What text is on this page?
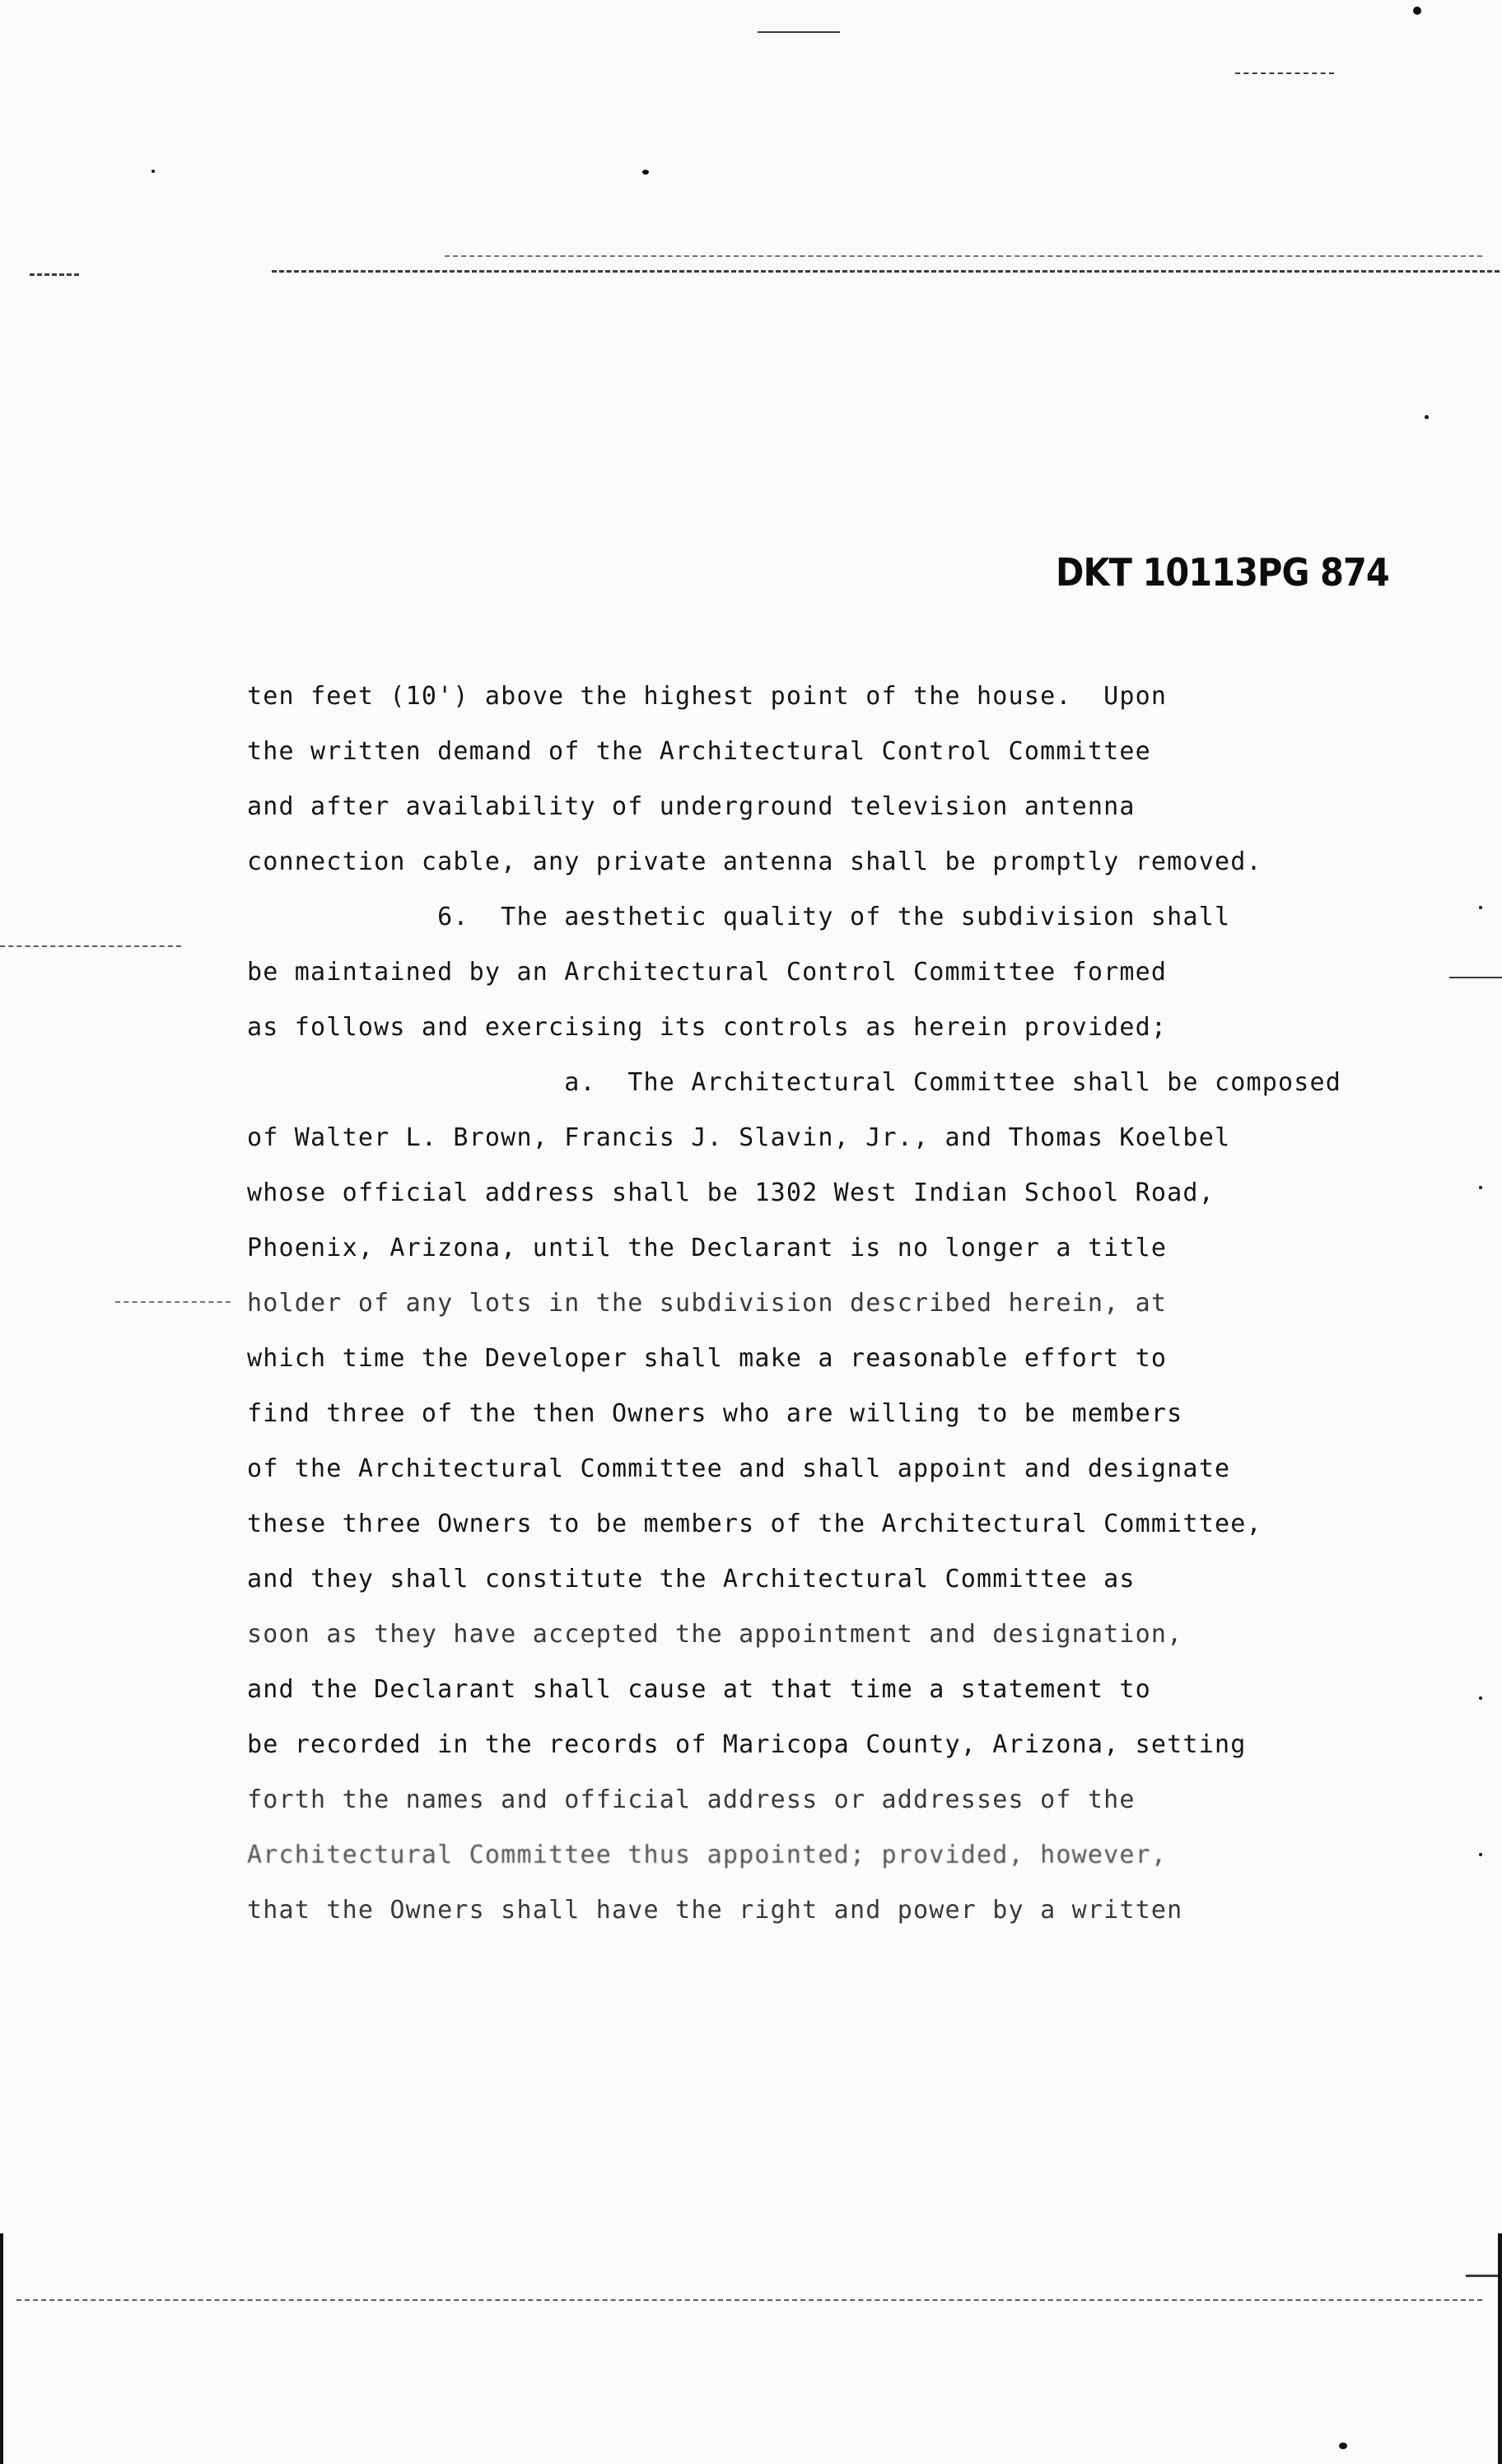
DKT 10113PG 874
ten feet (10') above the highest point of the house.  Upon
the written demand of the Architectural Control Committee
and after availability of underground television antenna
connection cable, any private antenna shall be promptly removed.
6.  The aesthetic quality of the subdivision shall
be maintained by an Architectural Control Committee formed
as follows and exercising its controls as herein provided;
a.  The Architectural Committee shall be composed
of Walter L. Brown, Francis J. Slavin, Jr., and Thomas Koelbel
whose official address shall be 1302 West Indian School Road,
Phoenix, Arizona, until the Declarant is no longer a title
holder of any lots in the subdivision described herein, at
which time the Developer shall make a reasonable effort to
find three of the then Owners who are willing to be members
of the Architectural Committee and shall appoint and designate
these three Owners to be members of the Architectural Committee,
and they shall constitute the Architectural Committee as
soon as they have accepted the appointment and designation,
and the Declarant shall cause at that time a statement to
be recorded in the records of Maricopa County, Arizona, setting
forth the names and official address or addresses of the
Architectural Committee thus appointed; provided, however,
that the Owners shall have the right and power by a written
